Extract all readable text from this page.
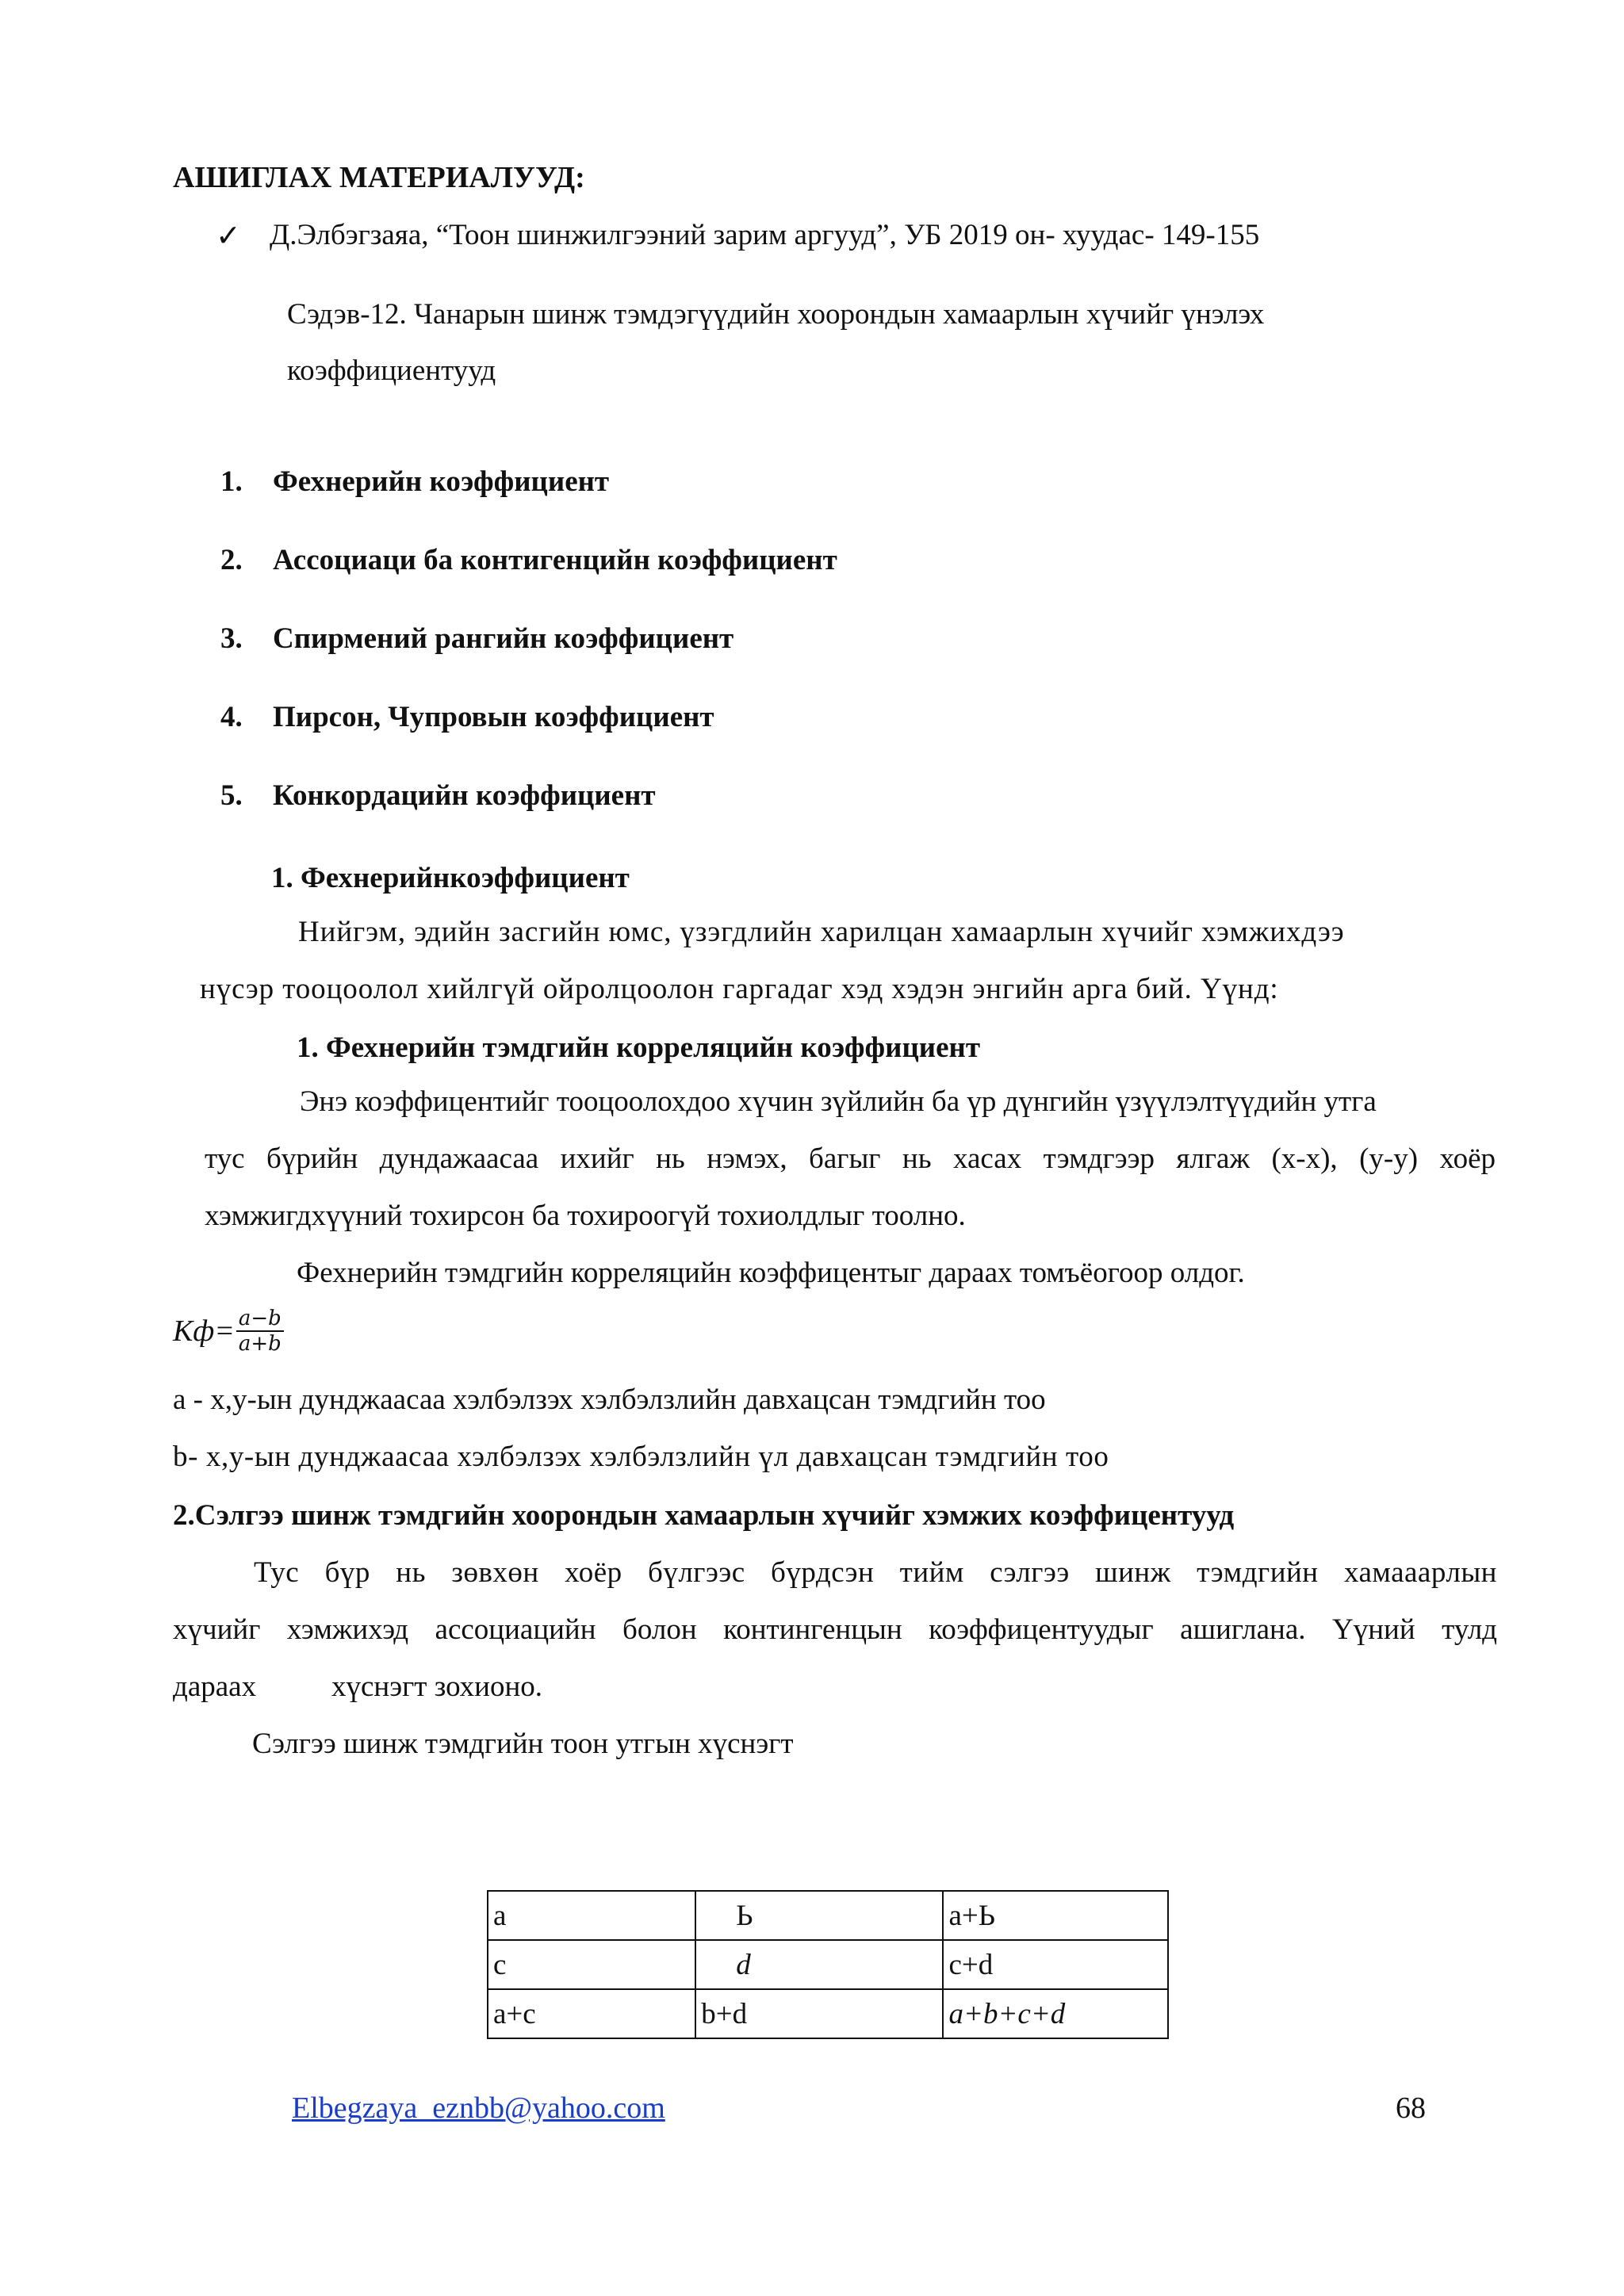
АШИГЛАХ МАТЕРИАЛУУД:
✓ Д.Элбэгзаяа, “Тоон шинжилгээний зарим аргууд”, УБ 2019 он- хуудас- 149-155
Сэдэв-12. Чанарын шинж тэмдэгүүдийн хоорондын хамаарлын хүчийг үнэлэх
коэффициентууд
1. Фехнерийн коэффициент
2. Ассоциаци ба контигенцийн коэффициент
3. Спирмений рангийн коэффициент
4. Пирсон, Чупровын коэффициент
5. Конкордацийн коэффициент
1. Фехнерийнкоэффициент
Нийгэм, эдийн засгийн юмс, үзэгдлийн харилцан хамаарлын хүчийг хэмжихдээ
нүсэр тооцоолол хийлгүй ойролцоолон гаргадаг хэд хэдэн энгийн арга бий. Үүнд:
1. Фехнерийн тэмдгийн корреляцийн коэффициент
Энэ коэффицентийг тооцоолохдоо хүчин зүйлийн ба үр дүнгийн үзүүлэлтүүдийн утга
тус бүрийн дундажаасаа ихийг нь нэмэх, багыг нь хасах тэмдгээр ялгаж (x-x), (y-y) хоёр
хэмжигдхүүний тохирсон ба тохироогүй тохиолдлыг тоолно.
Фехнерийн тэмдгийн корреляцийн коэффицентыг дараах томъёогоор олдог.
$Кф= \frac{a-b}{a+b}$
a - x,y-ын дунджаасаа хэлбэлзэх хэлбэлзлийн давхацсан тэмдгийн тоо
b- x,y-ын дунджаасаа хэлбэлзэх хэлбэлзлийн үл давхацсан тэмдгийн тоо
2.Сэлгээ шинж тэмдгийн хоорондын хамаарлын хүчийг хэмжих коэффицентууд
Тус бүр нь зөвхөн хоёр бүлгээс бүрдсэн тийм сэлгээ шинж тэмдгийн хамааарлын
хүчийг хэмжихэд ассоциацийн болон контингенцын коэффицентуудыг ашиглана. Үүний тулд
дараах	хүснэгт зохионо.
Сэлгээ шинж тэмдгийн тоон утгын хүснэгт
a	Ь	a+Ь
c	d	c+d
a+c	b+d	a+b+c+d
Elbegzaya_eznbb@yahoo.com	68
